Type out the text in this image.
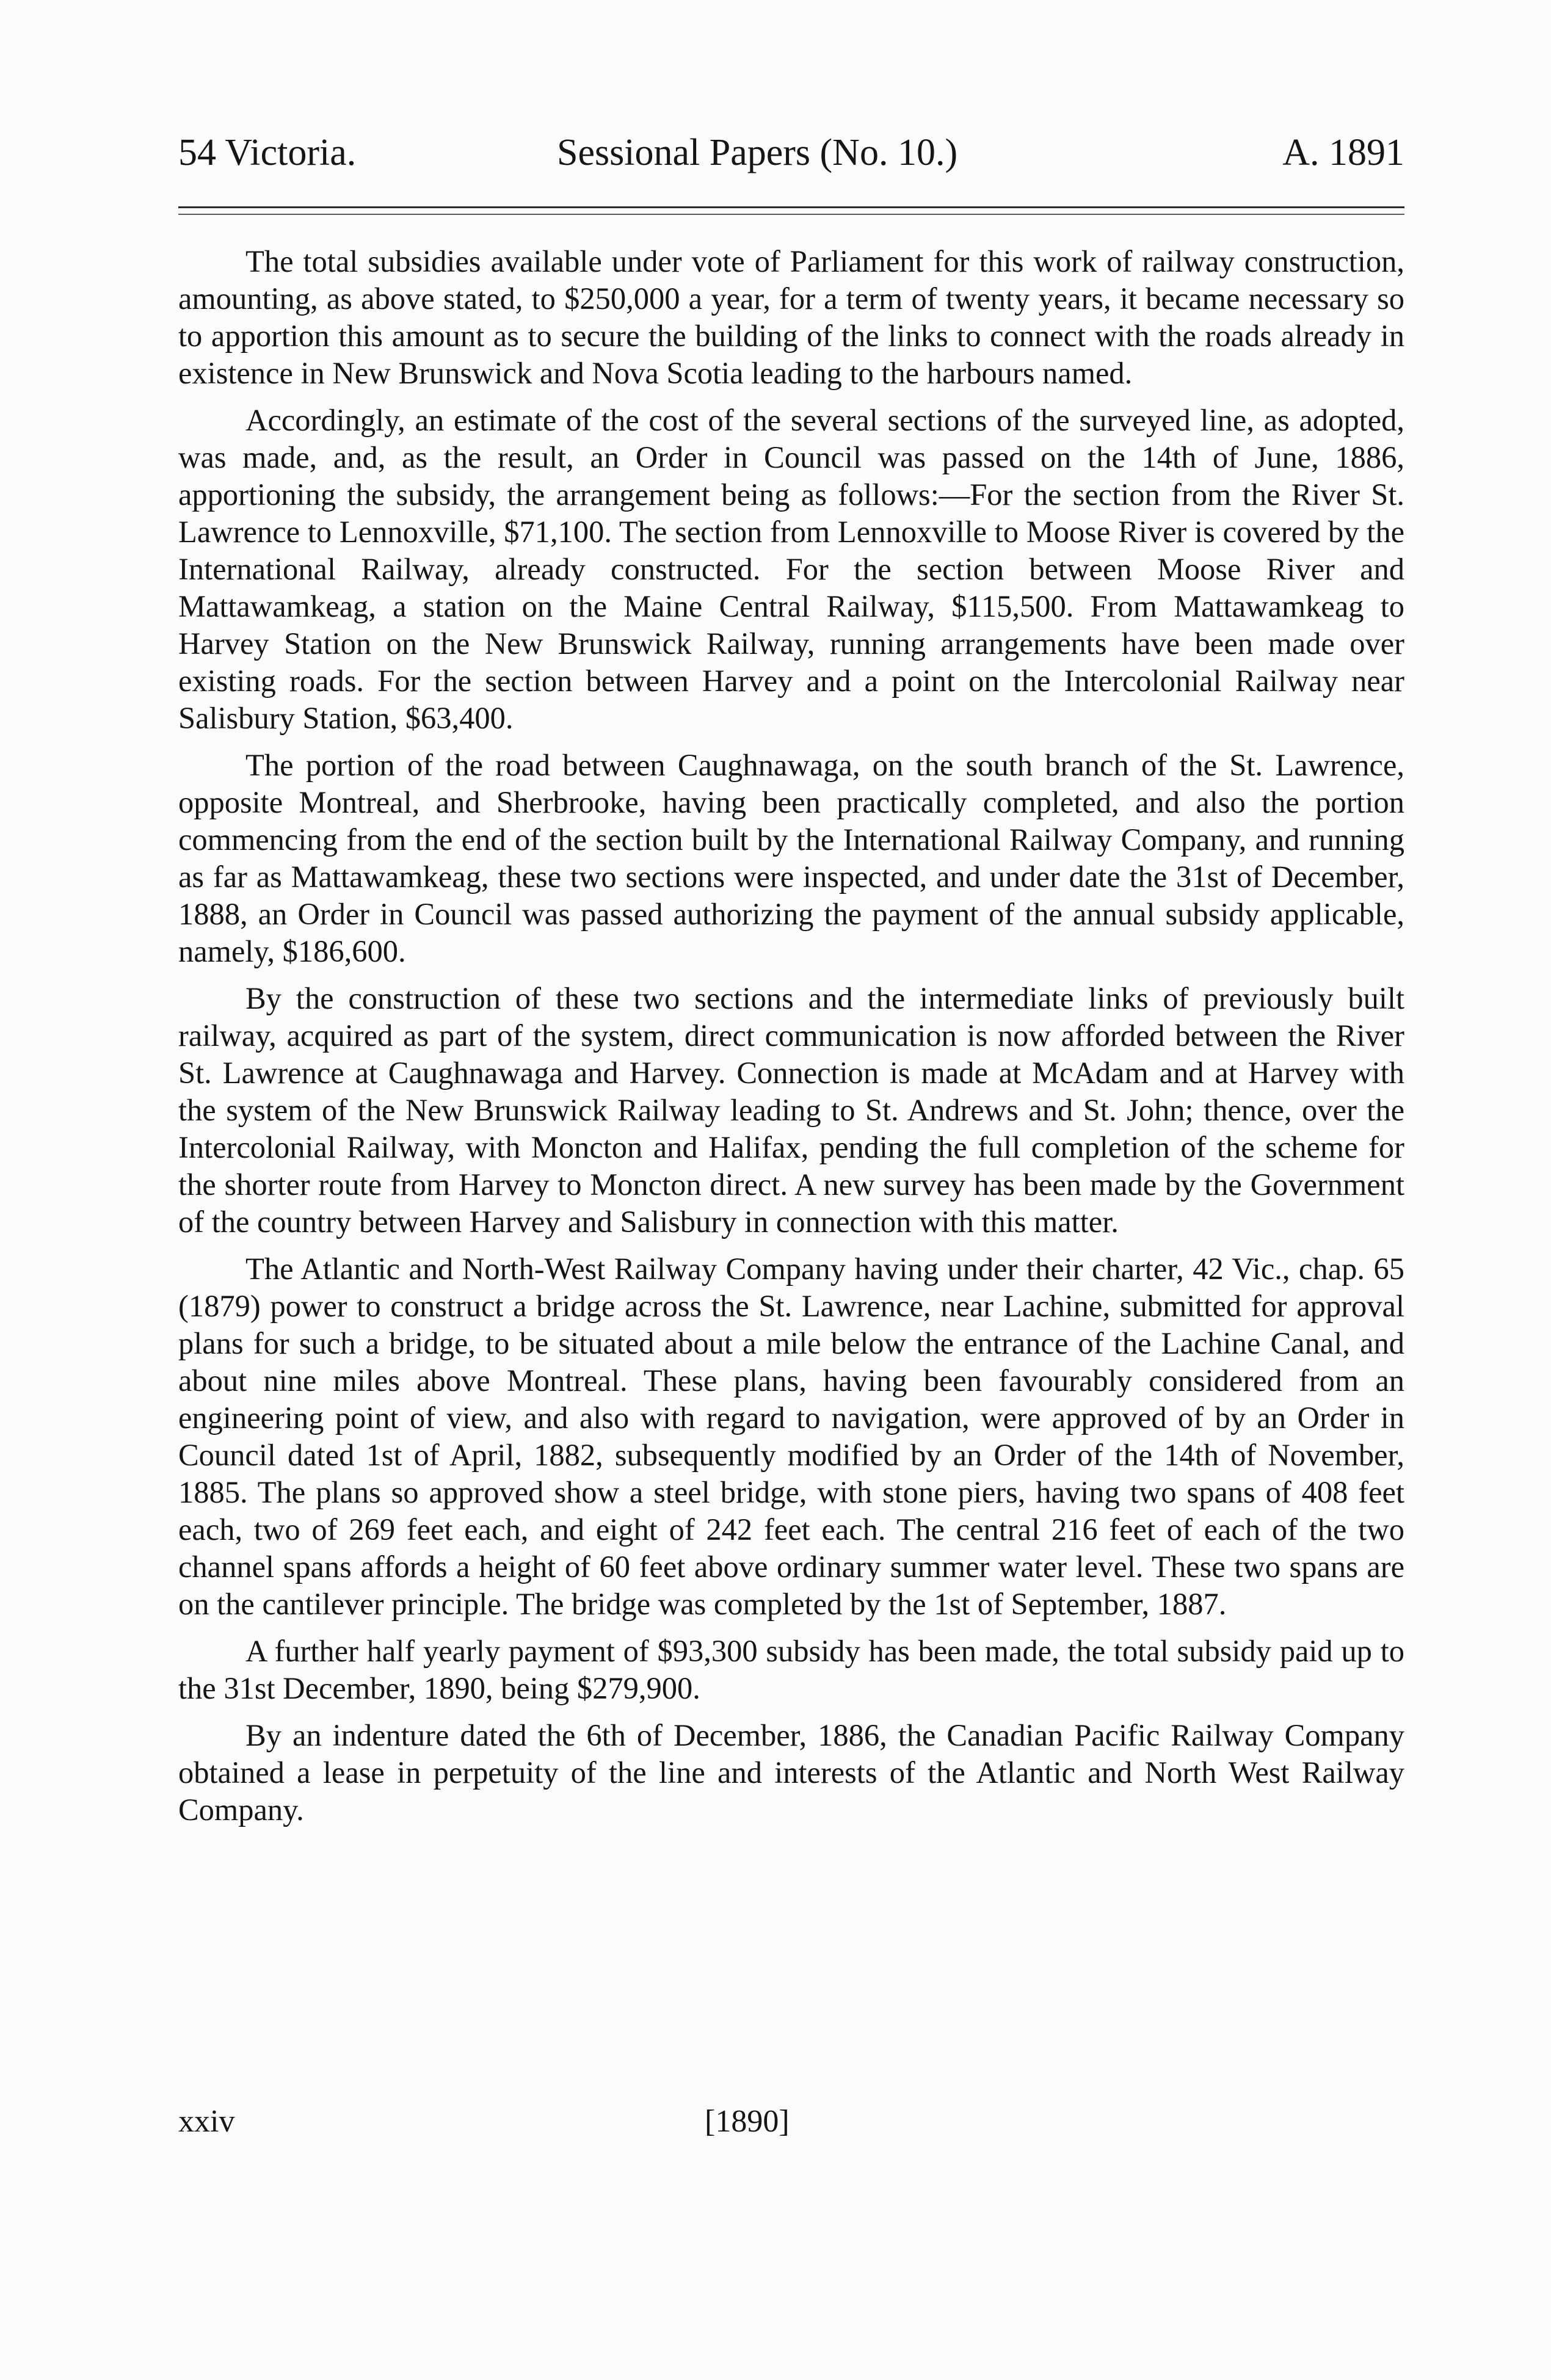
54 Victoria.	Sessional Papers (No. 10.)	A. 1891

The total subsidies available under vote of Parliament for this work of railway construction, amounting, as above stated, to $250,000 a year, for a term of twenty years, it became necessary so to apportion this amount as to secure the building of the links to connect with the roads already in existence in New Brunswick and Nova Scotia leading to the harbours named.

Accordingly, an estimate of the cost of the several sections of the surveyed line, as adopted, was made, and, as the result, an Order in Council was passed on the 14th of June, 1886, apportioning the subsidy, the arrangement being as follows:—For the section from the River St. Lawrence to Lennoxville, $71,100. The section from Lennoxville to Moose River is covered by the International Railway, already constructed. For the section between Moose River and Mattawamkeag, a station on the Maine Central Railway, $115,500. From Mattawamkeag to Harvey Station on the New Brunswick Railway, running arrangements have been made over existing roads. For the section between Harvey and a point on the Intercolonial Railway near Salisbury Station, $63,400.

The portion of the road between Caughnawaga, on the south branch of the St. Lawrence, opposite Montreal, and Sherbrooke, having been practically completed, and also the portion commencing from the end of the section built by the International Railway Company, and running as far as Mattawamkeag, these two sections were inspected, and under date the 31st of December, 1888, an Order in Council was passed authorizing the payment of the annual subsidy applicable, namely, $186,600.

By the construction of these two sections and the intermediate links of previously built railway, acquired as part of the system, direct communication is now afforded between the River St. Lawrence at Caughnawaga and Harvey. Connection is made at McAdam and at Harvey with the system of the New Brunswick Railway leading to St. Andrews and St. John; thence, over the Intercolonial Railway, with Moncton and Halifax, pending the full completion of the scheme for the shorter route from Harvey to Moncton direct. A new survey has been made by the Government of the country between Harvey and Salisbury in connection with this matter.

The Atlantic and North-West Railway Company having under their charter, 42 Vic., chap. 65 (1879) power to construct a bridge across the St. Lawrence, near Lachine, submitted for approval plans for such a bridge, to be situated about a mile below the entrance of the Lachine Canal, and about nine miles above Montreal. These plans, having been favourably considered from an engineering point of view, and also with regard to navigation, were approved of by an Order in Council dated 1st of April, 1882, subsequently modified by an Order of the 14th of November, 1885. The plans so approved show a steel bridge, with stone piers, having two spans of 408 feet each, two of 269 feet each, and eight of 242 feet each. The central 216 feet of each of the two channel spans affords a height of 60 feet above ordinary summer water level. These two spans are on the cantilever principle. The bridge was completed by the 1st of September, 1887.

A further half yearly payment of $93,300 subsidy has been made, the total subsidy paid up to the 31st December, 1890, being $279,900.

By an indenture dated the 6th of December, 1886, the Canadian Pacific Railway Company obtained a lease in perpetuity of the line and interests of the Atlantic and North West Railway Company.

xxiv	[1890]
